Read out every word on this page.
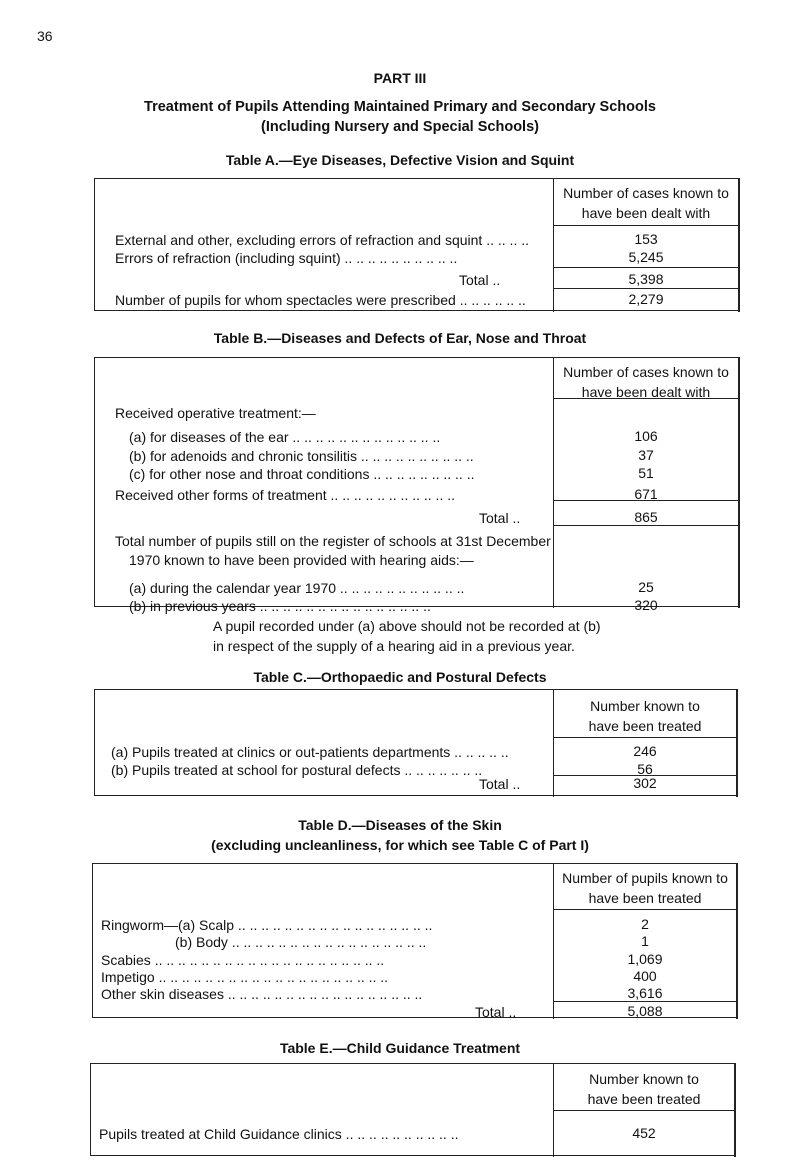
36
PART III
Treatment of Pupils Attending Maintained Primary and Secondary Schools
(Including Nursery and Special Schools)
Table A.—Eye Diseases, Defective Vision and Squint
Number of cases known to
have been dealt with
153
5,245
5,398
2,279
External and other, excluding errors of refraction and squint .. .. .. ..
Errors of refraction (including squint) .. .. .. .. .. .. .. .. .. ..
Total ..
Number of pupils for whom spectacles were prescribed .. .. .. .. .. ..
Table B.—Diseases and Defects of Ear, Nose and Throat
Number of cases known to
have been dealt with
106
37
51
671
865
25
320
Received operative treatment:—
(a) for diseases of the ear .. .. .. .. .. .. .. .. .. .. .. .. ..
(b) for adenoids and chronic tonsilitis .. .. .. .. .. .. .. .. .. ..
(c) for other nose and throat conditions .. .. .. .. .. .. .. .. ..
Received other forms of treatment .. .. .. .. .. .. .. .. .. .. ..
Total ..
Total number of pupils still on the register of schools at 31st December
1970 known to have been provided with hearing aids:—
(a) during the calendar year 1970 .. .. .. .. .. .. .. .. .. .. ..
(b) in previous years .. .. .. .. .. .. .. .. .. .. .. .. .. .. ..
A pupil recorded under (a) above should not be recorded at (b)
in respect of the supply of a hearing aid in a previous year.
Table C.—Orthopaedic and Postural Defects
Number known to
have been treated
246
56
302
(a) Pupils treated at clinics or out-patients departments .. .. .. .. ..
(b) Pupils treated at school for postural defects .. .. .. .. .. .. ..
Total ..
Table D.—Diseases of the Skin
(excluding uncleanliness, for which see Table C of Part I)
Number of pupils known to
have been treated
2
1
1,069
400
3,616
5,088
Ringworm—(a) Scalp .. .. .. .. .. .. .. .. .. .. .. .. .. .. .. .. ..
(b) Body .. .. .. .. .. .. .. .. .. .. .. .. .. .. .. .. ..
Scabies .. .. .. .. .. .. .. .. .. .. .. .. .. .. .. .. .. .. .. ..
Impetigo .. .. .. .. .. .. .. .. .. .. .. .. .. .. .. .. .. .. .. ..
Other skin diseases .. .. .. .. .. .. .. .. .. .. .. .. .. .. .. .. ..
Total ..
Table E.—Child Guidance Treatment
Number known to
have been treated
452
Pupils treated at Child Guidance clinics .. .. .. .. .. .. .. .. .. ..
